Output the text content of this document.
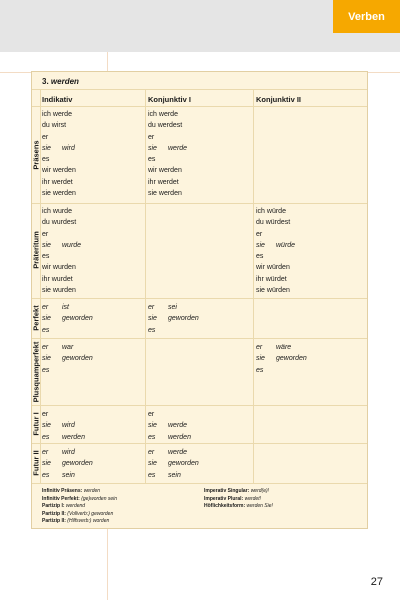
Verben
3. werden
Indikativ	Konjunktiv I	Konjunktiv II
Präsens
Präteritum
Perfekt
Plusquamperfekt
Futur I
Futur II
ich werde
du wirst
er
sie wird
es
wir werden
ihr werdet
sie werden
ich werde
du werdest
er
sie werde
es
wir werden
ihr werdet
sie werden
ich wurde
du wurdest
er
sie wurde
es
wir wurden
ihr wurdet
sie wurden
ich würde
du würdest
er
sie würde
es
wir würden
ihr würdet
sie würden
er ist
sie geworden
es
er sei
sie geworden
es
er war
sie geworden
es
er wäre
sie geworden
es
er
sie wird
es werden
er
sie werde
es werden
er wird
sie geworden
es sein
er werde
sie geworden
es sein
Infinitiv Präsens: werden
Infinitiv Perfekt: (ge)worden sein
Partizip I: werdend
Partizip II: (Vollverb:) geworden
Partizip II: (Hilfsverb:) worden
Imperativ Singular: werd(e)!
Imperativ Plural: werdet!
Höflichkeitsform: werden Sie!
27
